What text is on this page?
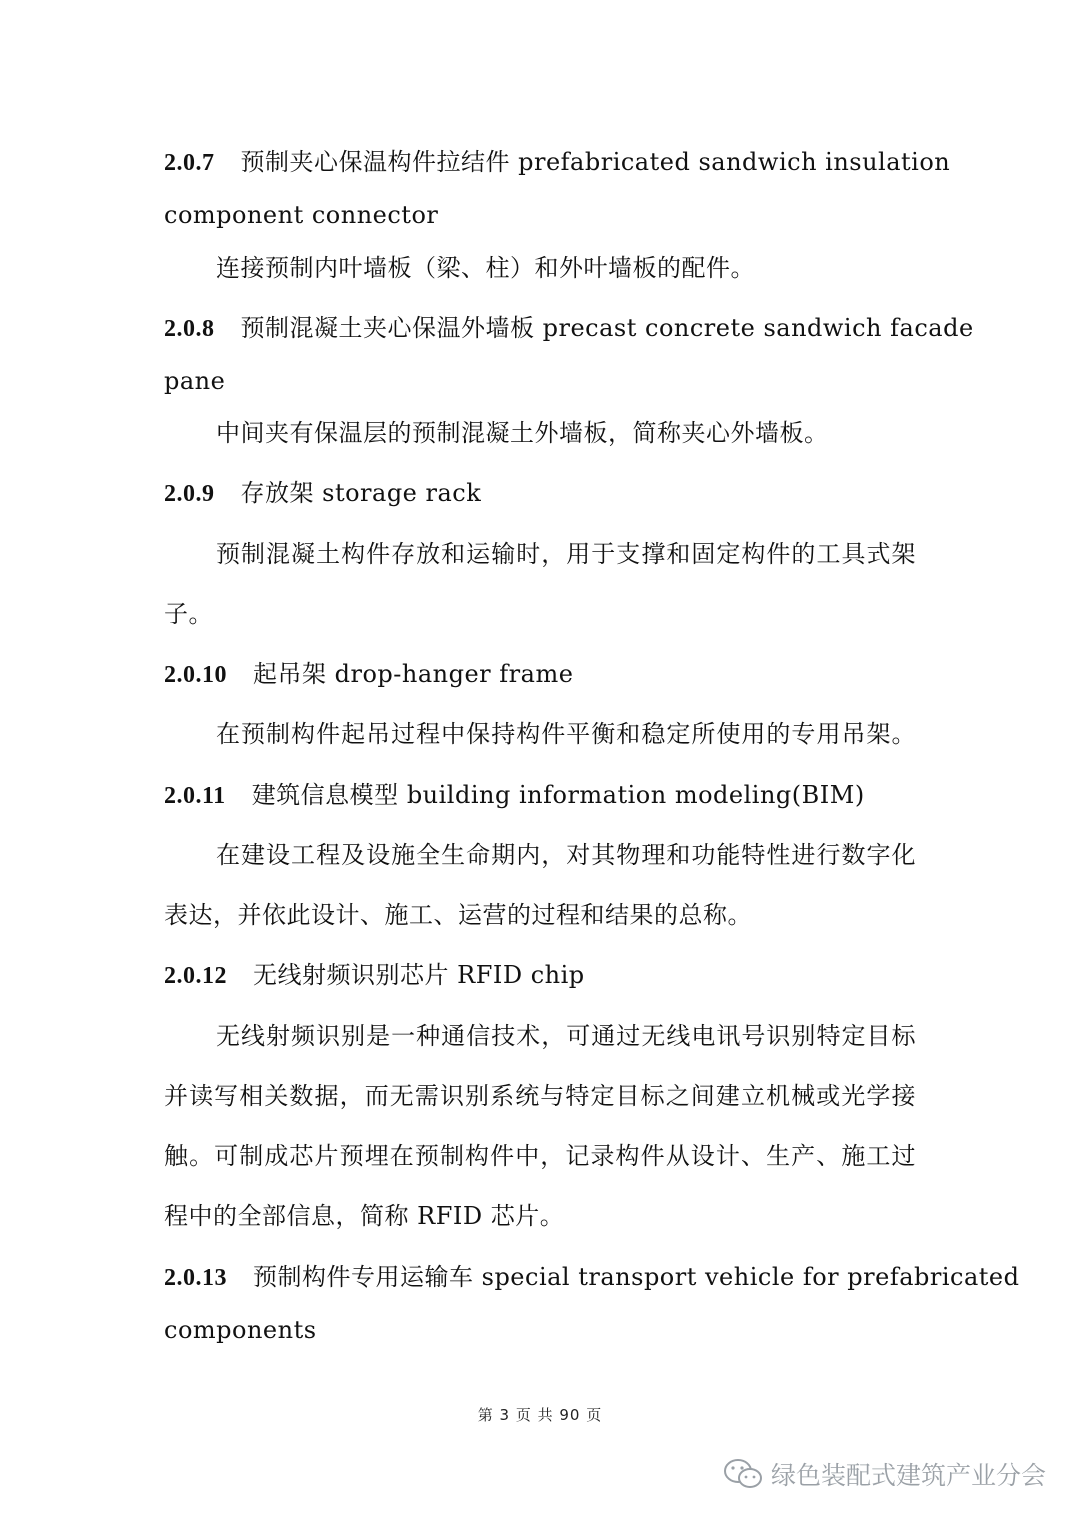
2.0.7 预制夹心保温构件拉结件 prefabricated sandwich insulation
component connector
连接预制内叶墙板（梁、柱）和外叶墙板的配件。
2.0.8 预制混凝土夹心保温外墙板 precast concrete sandwich facade
pane
中间夹有保温层的预制混凝土外墙板，简称夹心外墙板。
2.0.9 存放架 storage rack
预制混凝土构件存放和运输时，用于支撑和固定构件的工具式架
子。
2.0.10 起吊架 drop-hanger frame
在预制构件起吊过程中保持构件平衡和稳定所使用的专用吊架。
2.0.11 建筑信息模型 building information modeling(BIM)
在建设工程及设施全生命期内，对其物理和功能特性进行数字化
表达，并依此设计、施工、运营的过程和结果的总称。
2.0.12 无线射频识别芯片 RFID chip
无线射频识别是一种通信技术，可通过无线电讯号识别特定目标
并读写相关数据，而无需识别系统与特定目标之间建立机械或光学接
触。可制成芯片预埋在预制构件中，记录构件从设计、生产、施工过
程中的全部信息，简称 RFID 芯片。
2.0.13 预制构件专用运输车 special transport vehicle for prefabricated
components
第 3 页 共 90 页
绿色装配式建筑产业分会
